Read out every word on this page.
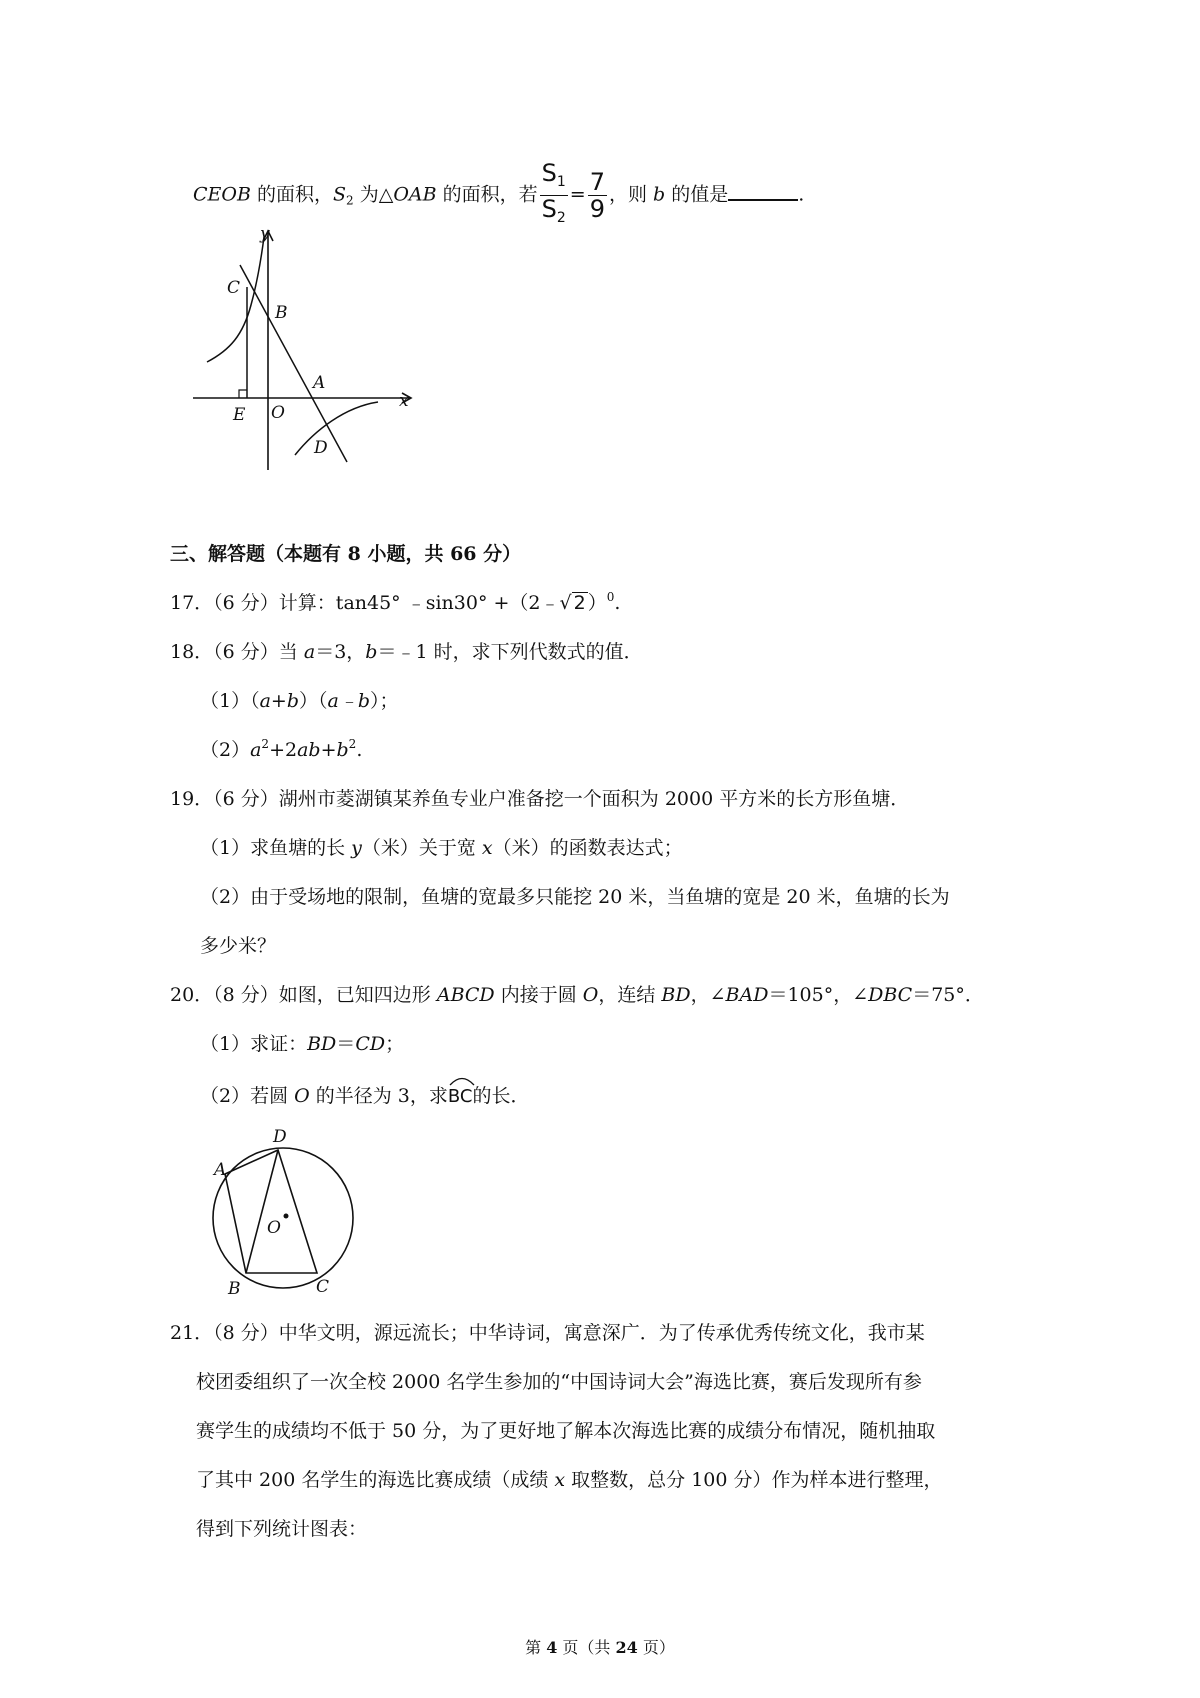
CEOB 的面积，$S_2$ 为△OAB 的面积，若 $\frac{S_1}{S_2} = \frac{7}{9}$ ，则 b 的值是	.
C
y
B
A
x
E O
D
三、解答题（本题有 8 小题，共 66 分）
17．（6 分）计算：tan45° ﹣sin30° +（2﹣√ 2 ）$^0$.
18．（6 分）当 a＝3，b＝﹣1 时，求下列代数式的值．
（1）（a+b）（a﹣b）；
$(2)a^2+2ab+b^2$.
19．（6 分）湖州市菱湖镇某养鱼专业户准备挖一个面积为 2000 平方米的长方形鱼塘．
（1）求鱼塘的长 y（米）关于宽 x（米）的函数表达式；
（2）由于受场地的限制，鱼塘的宽最多只能挖 20 米，当鱼塘的宽是 20 米，鱼塘的长为
多少米？
20．（8 分）如图，已知四边形 ABCD 内接于圆 O，连结 BD，∠BAD＝105°，∠DBC＝75°．
（1）求证：BD＝CD；
（2）若圆 O 的半径为 3，求
BC的长．
A
D
O
B	C
21．（8 分）中华文明，源远流长；中华诗词，寓意深广．为了传承优秀传统文化，我市某
校团委组织了一次全校 2000 名学生参加的“中国诗词大会”海选比赛，赛后发现所有参
赛学生的成绩均不低于 50 分，为了更好地了解本次海选比赛的成绩分布情况，随机抽取
了其中 200 名学生的海选比赛成绩（成绩 x 取整数，总分 100 分）作为样本进行整理，
得到下列统计图表：
第 4 页（共 24 页）
